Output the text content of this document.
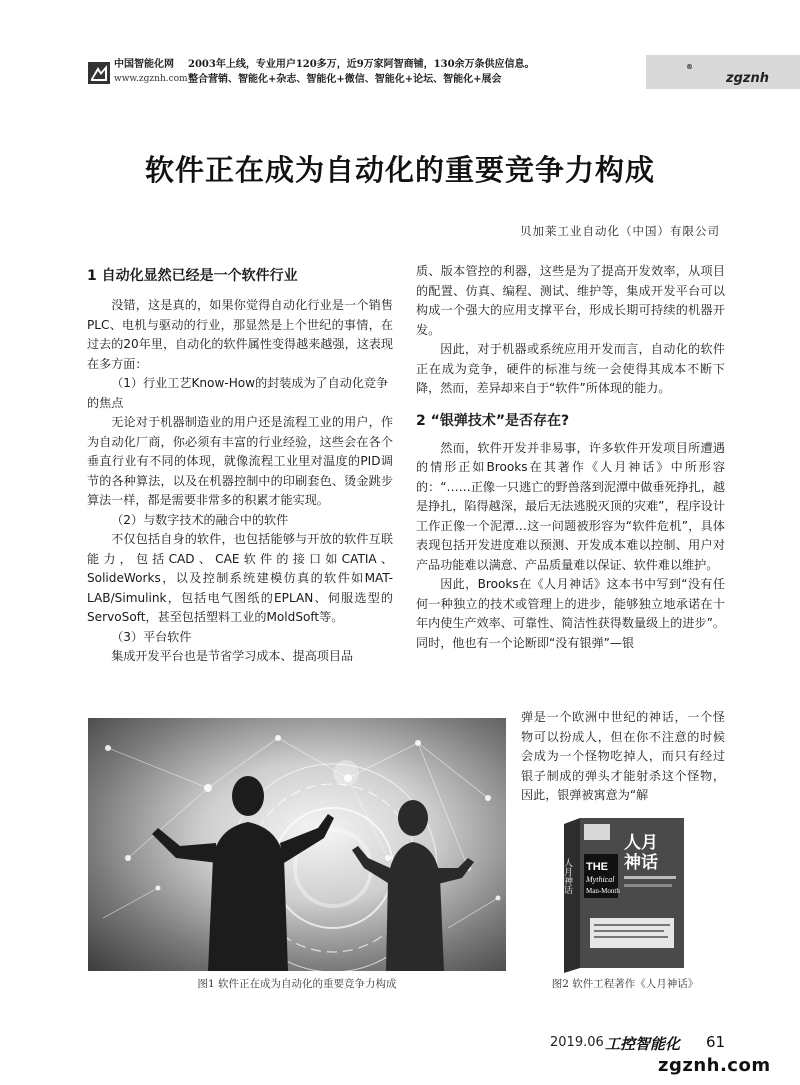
中国智能化网
www.zgznh.com
2003年上线，专业用户120多万，近9万家阿智商铺，130余万条供应信息。
整合营销、智能化+杂志、智能化+微信、智能化+论坛、智能化+展会	zgznh
®
软件正在成为自动化的重要竞争力构成
贝加莱工业自动化（中国）有限公司
1 自动化显然已经是一个软件行业

没错，这是真的，如果你觉得自动化行业是一个销售PLC、电机与驱动的行业，那显然是上个世纪的事情，在过去的20年里，自动化的软件属性变得越来越强，这表现在多方面：

（1）行业工艺Know-How的封装成为了自动化竞争的焦点

无论对于机器制造业的用户还是流程工业的用户，作为自动化厂商，你必须有丰富的行业经验，这些会在各个垂直行业有不同的体现，就像流程工业里对温度的PID调节的各种算法，以及在机器控制中的印刷套色、烫金跳步算法一样，都是需要非常多的积累才能实现。

（2）与数字技术的融合中的软件

不仅包括自身的软件，也包括能够与开放的软件互联能力，包括CAD、CAE软件的接口如CATIA、SolideWorks，以及控制系统建模仿真的软件如MAT-LAB/Simulink，包括电气图纸的EPLAN、伺服选型的ServoSoft，甚至包括塑料工业的MoldSoft等。

（3）平台软件

集成开发平台也是节省学习成本、提高项目品

质、版本管控的利器，这些是为了提高开发效率，从项目的配置、仿真、编程、测试、维护等，集成开发平台可以构成一个强大的应用支撑平台，形成长期可持续的机器开发。

因此，对于机器或系统应用开发而言，自动化的软件正在成为竞争，硬件的标准与统一会使得其成本不断下降，然而，差异却来自于“软件”所体现的能力。

2 “银弹技术”是否存在?

然而，软件开发并非易事，许多软件开发项目所遭遇的情形正如Brooks在其著作《人月神话》中所形容的：“……正像一只逃亡的野兽落到泥潭中做垂死挣扎，越是挣扎，陷得越深，最后无法逃脱灭顶的灾难”，程序设计工作正像一个泥潭…这一问题被形容为“软件危机”，具体表现包括开发进度难以预测、开发成本难以控制、用户对产品功能难以满意、产品质量难以保证、软件难以维护。

因此，Brooks在《人月神话》这本书中写到“没有任何一种独立的技术或管理上的进步，能够独立地承诺在十年内使生产效率、可靠性、简洁性获得数量级上的进步”。同时，他也有一个论断即“没有银弹”—银

弹是一个欧洲中世纪的神话，一个怪物可以扮成人，但在你不注意的时候会成为一个怪物吃掉人，而只有经过银子制成的弹头才能射杀这个怪物，因此，银弹被寓意为“解
图1 软件正在成为自动化的重要竞争力构成
THE
Mythical
Man-Month
人月
神话
人月神话
图2 软件工程著作《人月神话》
2019.06 工控智能化 61
zgznh.com
